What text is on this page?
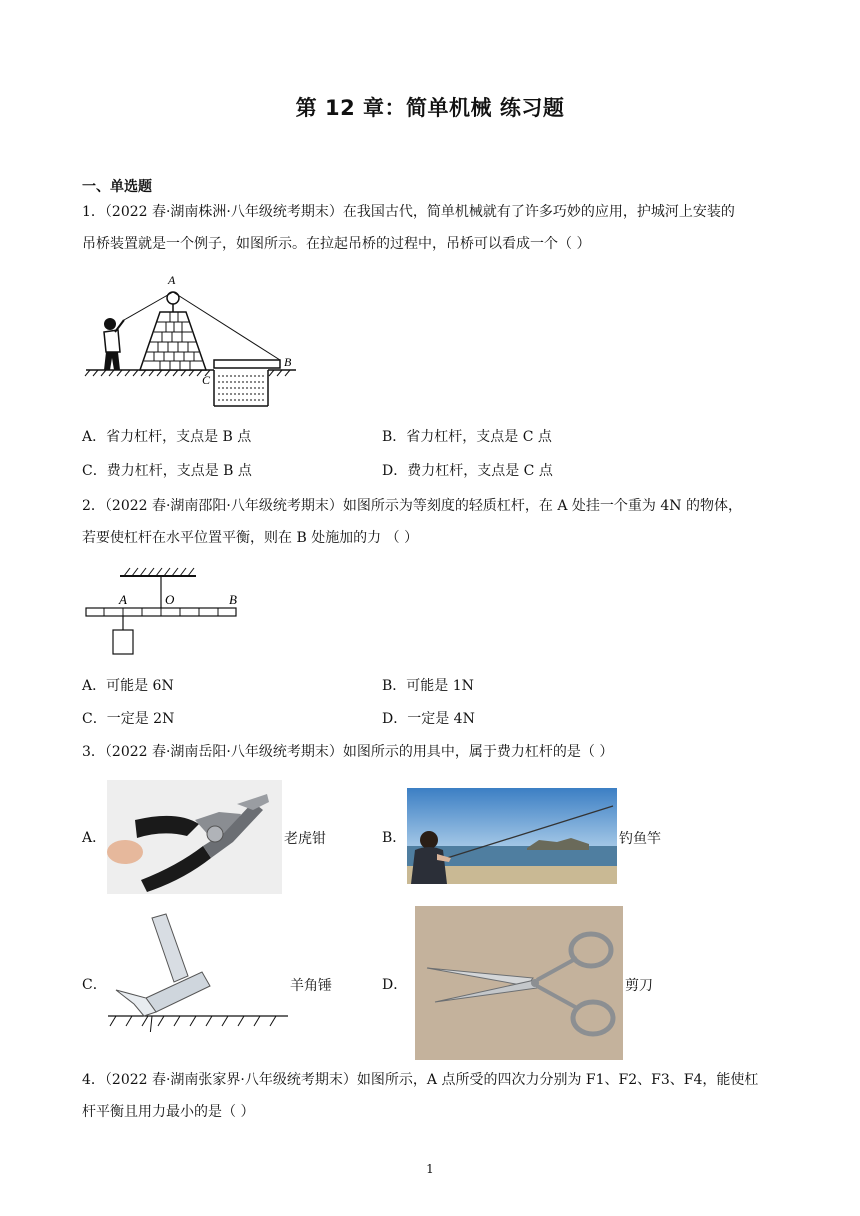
第 12 章：简单机械 练习题
一、单选题
1．（2022 春·湖南株洲·八年级统考期末）在我国古代，简单机械就有了许多巧妙的应用，护城河上安装的
吊桥装置就是一个例子，如图所示。在拉起吊桥的过程中，吊桥可以看成一个（ ）
A
B
C
A．省力杠杆，支点是 B 点	B．省力杠杆，支点是 C 点
C．费力杠杆，支点是 B 点	D．费力杠杆，支点是 C 点
2．（2022 春·湖南邵阳·八年级统考期末）如图所示为等刻度的轻质杠杆，在 A 处挂一个重为 4N 的物体，
若要使杠杆在水平位置平衡，则在 B 处施加的力 （ ）
A	O	B
A．可能是 6N	B．可能是 1N
C．一定是 2N	D．一定是 4N
3．（2022 春·湖南岳阳·八年级统考期末）如图所示的用具中，属于费力杠杆的是（ ）
A．	老虎钳	B．	钓鱼竿
C．	羊角锤	D．	剪刀
4．（2022 春·湖南张家界·八年级统考期末）如图所示，A 点所受的四次力分别为 F1、F2、F3、F4，能使杠
杆平衡且用力最小的是（ ）
1
